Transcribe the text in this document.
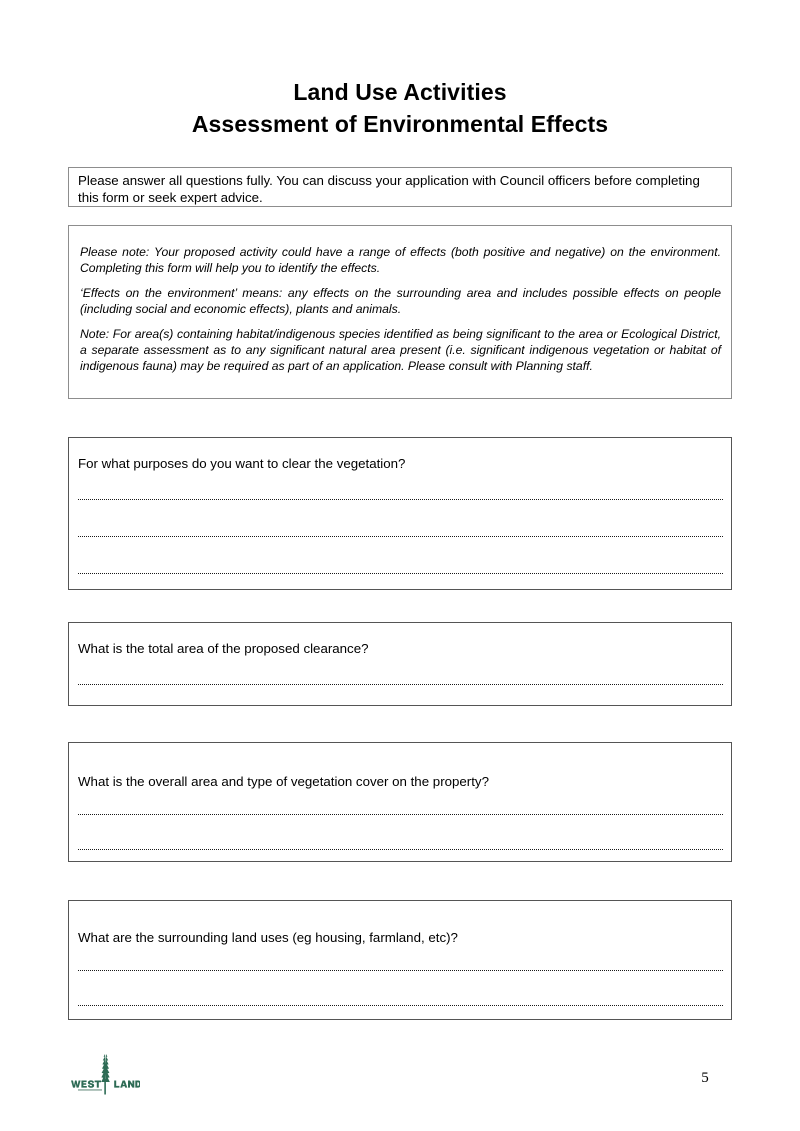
Land Use Activities
Assessment of Environmental Effects
Please answer all questions fully. You can discuss your application with Council officers before completing this form or seek expert advice.

Please note: Your proposed activity could have a range of effects (both positive and negative) on the environment. Completing this form will help you to identify the effects.

‘Effects on the environment’ means: any effects on the surrounding area and includes possible effects on people (including social and economic effects), plants and animals.

Note: For area(s) containing habitat/indigenous species identified as being significant to the area or Ecological District, a separate assessment as to any significant natural area present (i.e. significant indigenous vegetation or habitat of indigenous fauna) may be required as part of an application. Please consult with Planning staff.

For what purposes do you want to clear the vegetation?
What is the total area of the proposed clearance?
What is the overall area and type of vegetation cover on the property?
What are the surrounding land uses (eg housing, farmland, etc)?
5
